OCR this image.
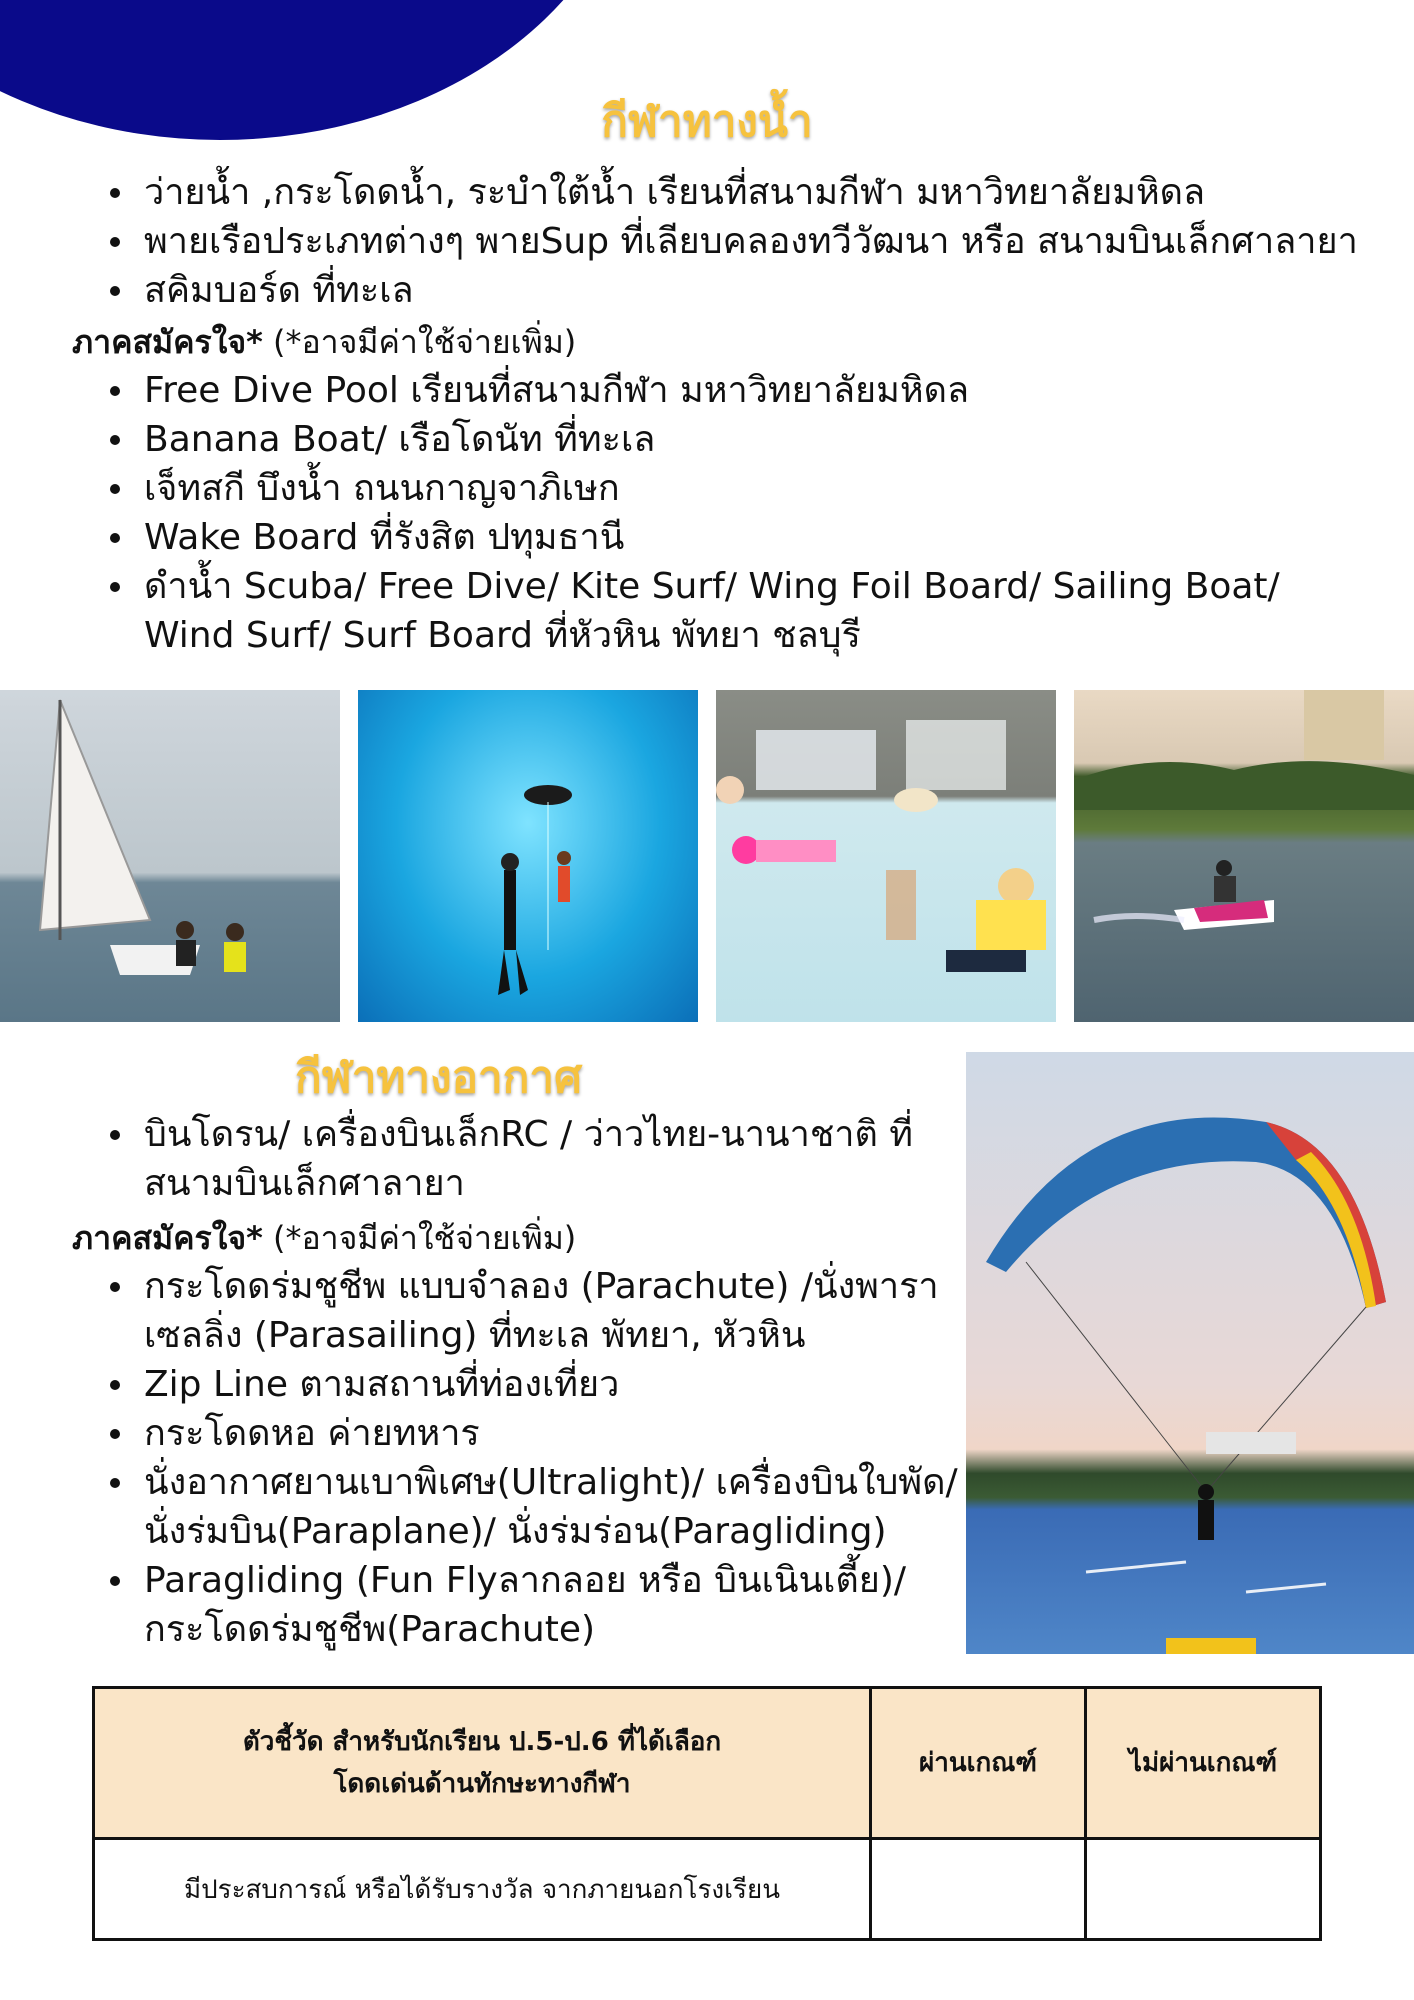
กีฬาทางน้ำ
ว่ายน้ำ ,กระโดดน้ำ, ระบำใต้น้ำ เรียนที่สนามกีฬา มหาวิทยาลัยมหิดล
พายเรือประเภทต่างๆ พายSup ที่เลียบคลองทวีวัฒนา หรือ สนามบินเล็กศาลายา
สคิมบอร์ด ที่ทะเล
ภาคสมัครใจ* (*อาจมีค่าใช้จ่ายเพิ่ม)
Free Dive Pool เรียนที่สนามกีฬา มหาวิทยาลัยมหิดล
Banana Boat/ เรือโดนัท ที่ทะเล
เจ็ทสกี บึงน้ำ ถนนกาญจาภิเษก
Wake Board ที่รังสิต ปทุมธานี
ดำน้ำ Scuba/ Free Dive/ Kite Surf/ Wing Foil Board/ Sailing Boat/ Wind Surf/ Surf Board ที่หัวหิน พัทยา ชลบุรี
กีฬาทางอากาศ
บินโดรน/ เครื่องบินเล็กRC / ว่าวไทย-นานาชาติ ที่สนามบินเล็กศาลายา
ภาคสมัครใจ* (*อาจมีค่าใช้จ่ายเพิ่ม)
กระโดดร่มชูชีพ แบบจำลอง (Parachute) /นั่งพาราเซลลิ่ง (Parasailing) ที่ทะเล พัทยา, หัวหิน
Zip Line ตามสถานที่ท่องเที่ยว
กระโดดหอ ค่ายทหาร
นั่งอากาศยานเบาพิเศษ(Ultralight)/ เครื่องบินใบพัด/ นั่งร่มบิน(Paraplane)/ นั่งร่มร่อน(Paragliding)
Paragliding (Fun Flyลากลอย หรือ บินเนินเตี้ย)/ กระโดดร่มชูชีพ(Parachute)
ตัวชี้วัด สำหรับนักเรียน ป.5-ป.6 ที่ได้เลือก
โดดเด่นด้านทักษะทางกีฬา	ผ่านเกณฑ์	ไม่ผ่านเกณฑ์
มีประสบการณ์ หรือได้รับรางวัล จากภายนอกโรงเรียน		
